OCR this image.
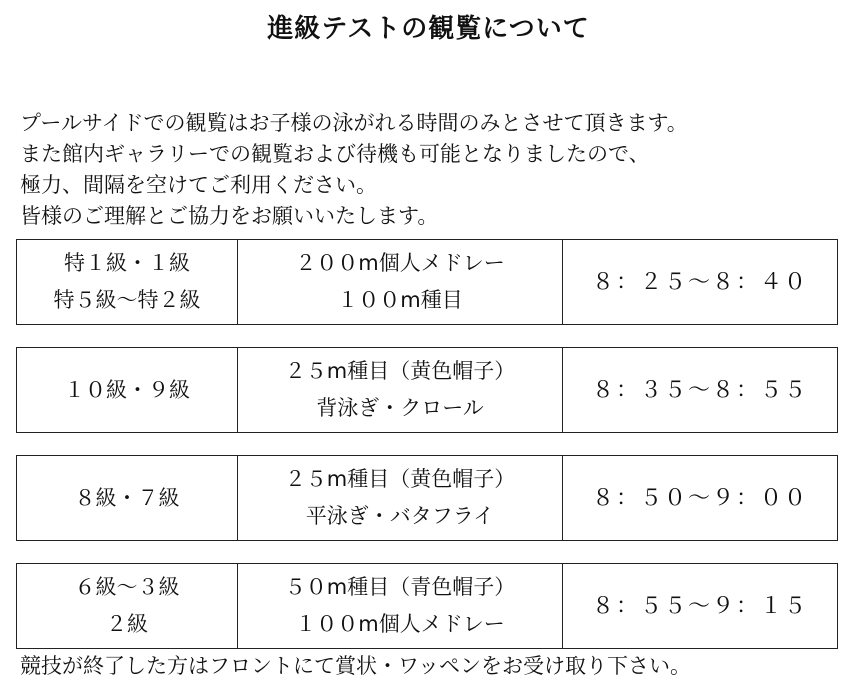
進級テストの観覧について
プールサイドでの観覧はお子様の泳がれる時間のみとさせて頂きます。
また館内ギャラリーでの観覧および待機も可能となりましたので、
極力、間隔を空けてご利用ください。
皆様のご理解とご協力をお願いいたします。
特１級・１級
特５級～特２級
２００m個人メドレー
１００m種目
８：２５～８：４０
１０級・９級
２５m種目（黄色帽子）
背泳ぎ・クロール
８：３５～８：５５
８級・７級
２５m種目（黄色帽子）
平泳ぎ・バタフライ
８：５０～９：００
６級～３級
２級
５０m種目（青色帽子）
１００m個人メドレー
８：５５～９：１５
競技が終了した方はフロントにて賞状・ワッペンをお受け取り下さい。
